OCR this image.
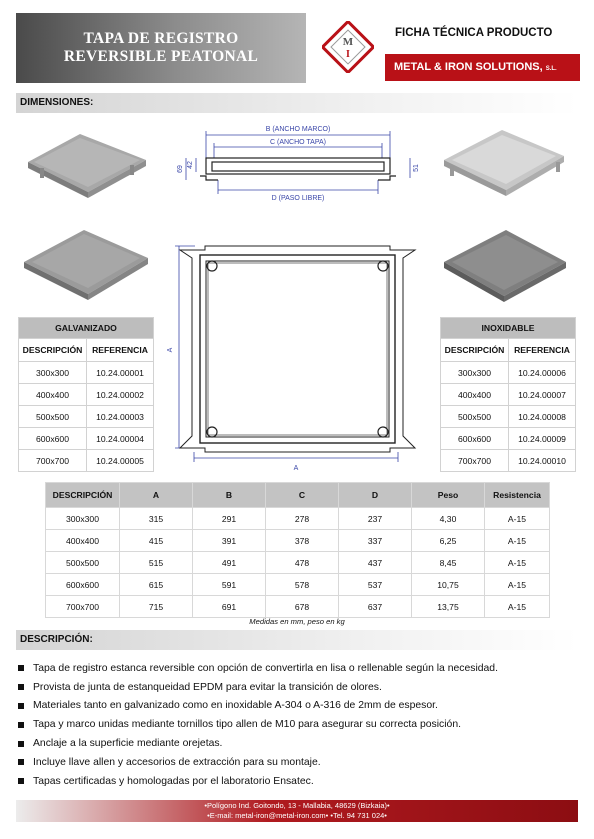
TAPA DE REGISTRO
REVERSIBLE PEATONAL
M
I
FICHA TÉCNICA PRODUCTO
METAL & IRON SOLUTIONS, S.L.
DIMENSIONES:
B (ANCHO MARCO)
C (ANCHO TAPA)
D (PASO LIBRE)
69
42	51
A
A
GALVANIZADO	
DESCRIPCIÓN	REFERENCIA
300x300	10.24.00001
400x400	10.24.00002
500x500	10.24.00003
600x600	10.24.00004
700x700	10.24.00005
INOXIDABLE	
DESCRIPCIÓN	REFERENCIA
300x300	10.24.00006
400x400	10.24.00007
500x500	10.24.00008
600x600	10.24.00009
700x700	10.24.00010
DESCRIPCIÓN	A	B	C	D	Peso	Resistencia
300x300	315	291	278	237	4,30	A-15
400x400	415	391	378	337	6,25	A-15
500x500	515	491	478	437	8,45	A-15
600x600	615	591	578	537	10,75	A-15
700x700	715	691	678	637	13,75	A-15
Medidas en mm, peso en kg
DESCRIPCIÓN:
Tapa de registro estanca reversible con opción de convertirla en lisa o rellenable según la necesidad.
Provista de junta de estanqueidad EPDM para evitar la transición de olores.
Materiales tanto en galvanizado como en inoxidable A-304 o A-316 de 2mm de espesor.
Tapa y marco unidas mediante tornillos tipo allen de M10 para asegurar su correcta posición.
Anclaje a la superficie mediante orejetas.
Incluye llave allen y accesorios de extracción para su montaje.
Tapas certificadas y homologadas por el laboratorio Ensatec.
•Polígono Ind. Goitondo, 13 - Mallabia, 48629 (Bizkaia)•
•E-mail: metal-iron@metal-iron.com• •Tel. 94 731 024•
